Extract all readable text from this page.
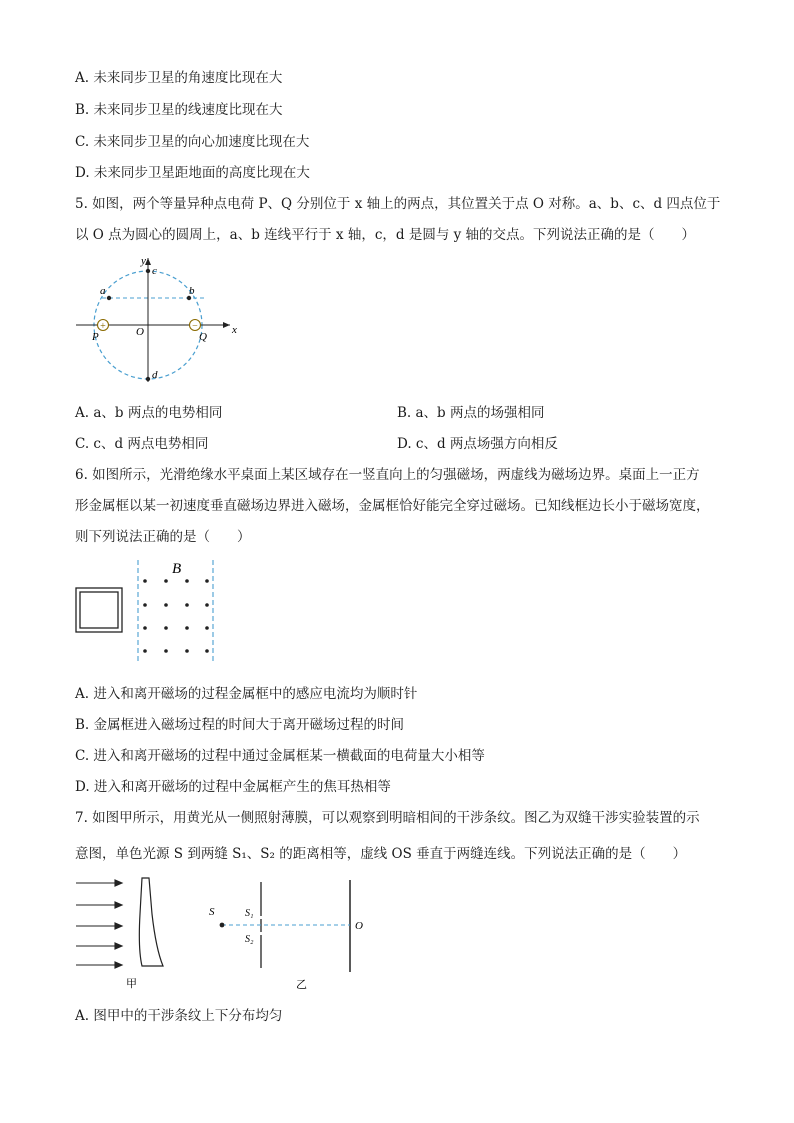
A. 未来同步卫星的角速度比现在大
B. 未来同步卫星的线速度比现在大
C. 未来同步卫星的向心加速度比现在大
D. 未来同步卫星距地面的高度比现在大
5. 如图，两个等量异种点电荷 P、Q 分别位于 x 轴上的两点，其位置关于点 O 对称。a、b、c、d 四点位于
以 O 点为圆心的圆周上，a、b 连线平行于 x 轴，c，d 是圆与 y 轴的交点。下列说法正确的是（　　）
+	−
y
x
O
P	Q
a	b
c
d
A. a、b 两点的电势相同	B. a、b 两点的场强相同
C. c、d 两点电势相同	D. c、d 两点场强方向相反
6. 如图所示，光滑绝缘水平桌面上某区域存在一竖直向上的匀强磁场，两虚线为磁场边界。桌面上一正方
形金属框以某一初速度垂直磁场边界进入磁场，金属框恰好能完全穿过磁场。已知线框边长小于磁场宽度，
则下列说法正确的是（　　）
B
A. 进入和离开磁场的过程金属框中的感应电流均为顺时针
B. 金属框进入磁场过程的时间大于离开磁场过程的时间
C. 进入和离开磁场的过程中通过金属框某一横截面的电荷量大小相等
D. 进入和离开磁场的过程中金属框产生的焦耳热相等
7. 如图甲所示，用黄光从一侧照射薄膜，可以观察到明暗相间的干涉条纹。图乙为双缝干涉实验装置的示
意图，单色光源 S 到两缝 S₁、S₂ 的距离相等，虚线 OS 垂直于两缝连线。下列说法正确的是（　　）
甲
S	S₁
S₂
O
乙
A. 图甲中的干涉条纹上下分布均匀
